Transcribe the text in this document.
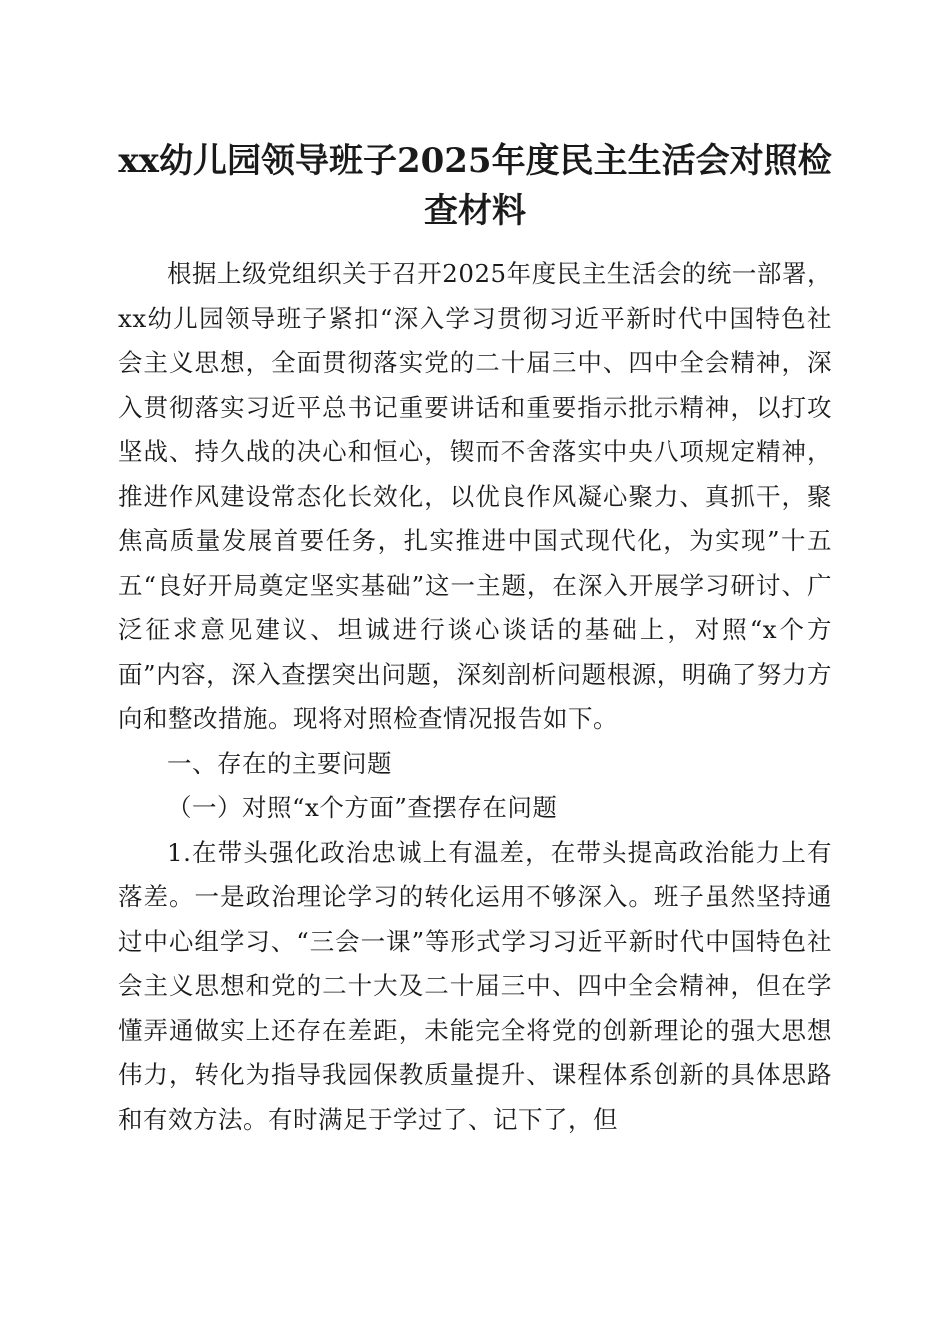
xx幼儿园领导班子2025年度民主生活会对照检查材料

根据上级党组织关于召开2025年度民主生活会的统一部署，xx幼儿园领导班子紧扣“深入学习贯彻习近平新时代中国特色社会主义思想，全面贯彻落实党的二十届三中、四中全会精神，深入贯彻落实习近平总书记重要讲话和重要指示批示精神，以打攻坚战、持久战的决心和恒心，锲而不舍落实中央八项规定精神，推进作风建设常态化长效化，以优良作风凝心聚力、真抓干，聚焦高质量发展首要任务，扎实推进中国式现代化，为实现”十五五“良好开局奠定坚实基础”这一主题，在深入开展学习研讨、广泛征求意见建议、坦诚进行谈心谈话的基础上，对照“x个方面”内容，深入查摆突出问题，深刻剖析问题根源，明确了努力方向和整改措施。现将对照检查情况报告如下。

一、存在的主要问题

（一）对照“x个方面”查摆存在问题

1.在带头强化政治忠诚上有温差，在带头提高政治能力上有落差。一是政治理论学习的转化运用不够深入。班子虽然坚持通过中心组学习、“三会一课”等形式学习习近平新时代中国特色社会主义思想和党的二十大及二十届三中、四中全会精神，但在学懂弄通做实上还存在差距，未能完全将党的创新理论的强大思想伟力，转化为指导我园保教质量提升、课程体系创新的具体思路和有效方法。有时满足于学过了、记下了，但
